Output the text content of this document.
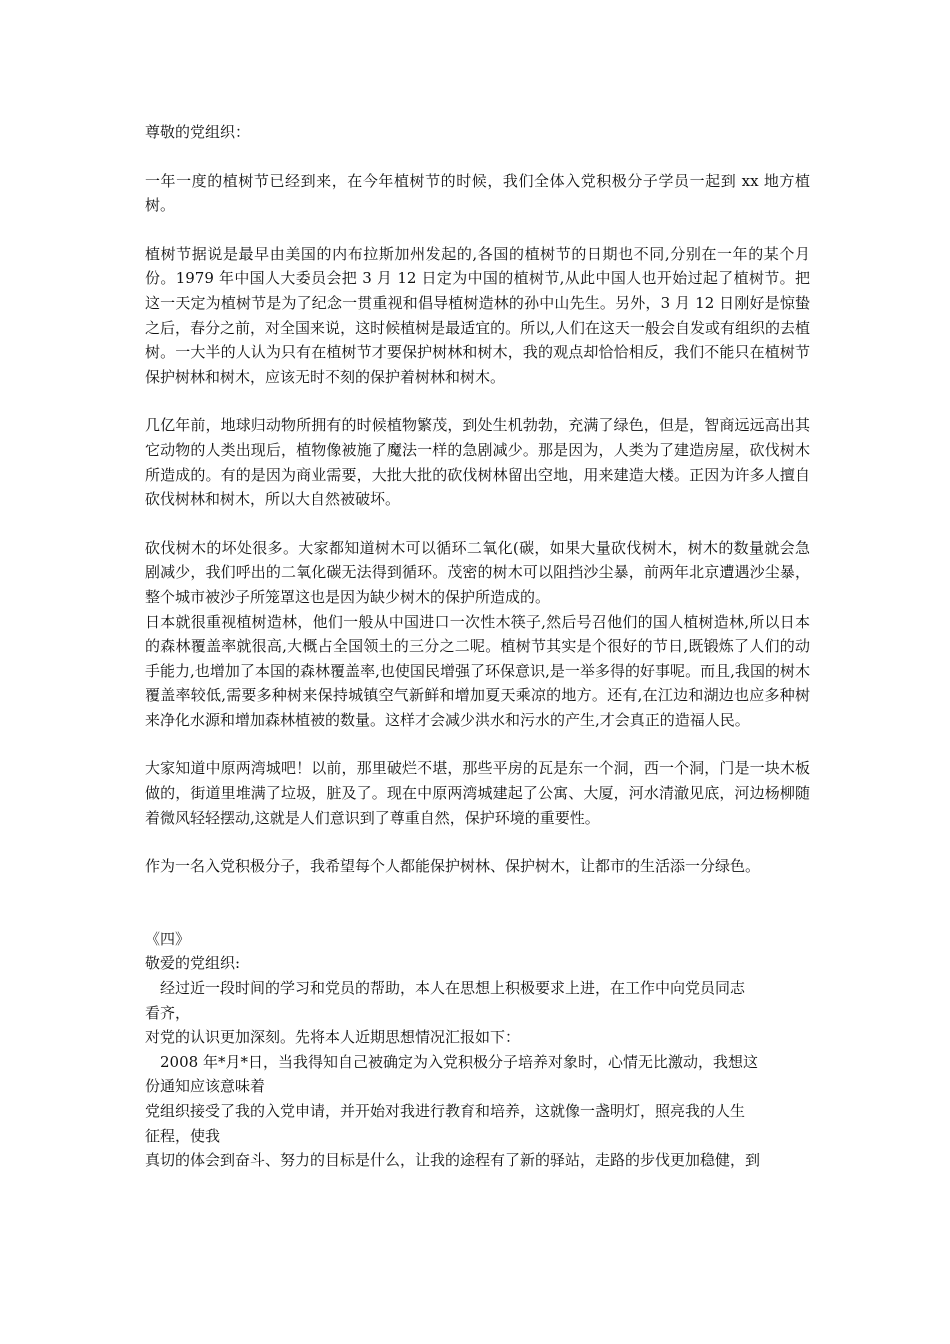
尊敬的党组织：

一年一度的植树节已经到来，在今年植树节的时候，我们全体入党积极分子学员一起到 xx 地方植树。

植树节据说是最早由美国的内布拉斯加州发起的,各国的植树节的日期也不同,分别在一年的某个月份。1979 年中国人大委员会把 3 月 12 日定为中国的植树节,从此中国人也开始过起了植树节。把这一天定为植树节是为了纪念一贯重视和倡导植树造林的孙中山先生。另外，3 月 12 日刚好是惊蛰之后，春分之前，对全国来说，这时候植树是最适宜的。所以,人们在这天一般会自发或有组织的去植树。一大半的人认为只有在植树节才要保护树林和树木，我的观点却恰恰相反，我们不能只在植树节保护树林和树木，应该无时不刻的保护着树林和树木。

几亿年前，地球归动物所拥有的时候植物繁茂，到处生机勃勃，充满了绿色，但是，智商远远高出其它动物的人类出现后，植物像被施了魔法一样的急剧减少。那是因为，人类为了建造房屋，砍伐树木所造成的。有的是因为商业需要，大批大批的砍伐树林留出空地，用来建造大楼。正因为许多人擅自砍伐树林和树木，所以大自然被破坏。

砍伐树木的坏处很多。大家都知道树木可以循环二氧化(碳，如果大量砍伐树木，树木的数量就会急剧减少，我们呼出的二氧化碳无法得到循环。茂密的树木可以阻挡沙尘暴，前两年北京遭遇沙尘暴，整个城市被沙子所笼罩这也是因为缺少树木的保护所造成的。

日本就很重视植树造林，他们一般从中国进口一次性木筷子,然后号召他们的国人植树造林,所以日本的森林覆盖率就很高,大概占全国领土的三分之二呢。植树节其实是个很好的节日,既锻炼了人们的动手能力,也增加了本国的森林覆盖率,也使国民增强了环保意识,是一举多得的好事呢。而且,我国的树木覆盖率较低,需要多种树来保持城镇空气新鲜和增加夏天乘凉的地方。还有,在江边和湖边也应多种树来净化水源和增加森林植被的数量。这样才会减少洪水和污水的产生,才会真正的造福人民。

大家知道中原两湾城吧！以前，那里破烂不堪，那些平房的瓦是东一个洞，西一个洞，门是一块木板做的，街道里堆满了垃圾，脏及了。现在中原两湾城建起了公寓、大厦，河水清澈见底，河边杨柳随着微风轻轻摆动,这就是人们意识到了尊重自然，保护环境的重要性。

作为一名入党积极分子，我希望每个人都能保护树林、保护树木，让都市的生活添一分绿色。

《四》

敬爱的党组织:

　经过近一段时间的学习和党员的帮助，本人在思想上积极要求上进，在工作中向党员同志

看齐，

对党的认识更加深刻。先将本人近期思想情况汇报如下：

　2008 年*月*日，当我得知自己被确定为入党积极分子培养对象时，心情无比激动，我想这

份通知应该意味着

党组织接受了我的入党申请，并开始对我进行教育和培养，这就像一盏明灯，照亮我的人生

征程，使我

真切的体会到奋斗、努力的目标是什么，让我的途程有了新的驿站，走路的步伐更加稳健，到
